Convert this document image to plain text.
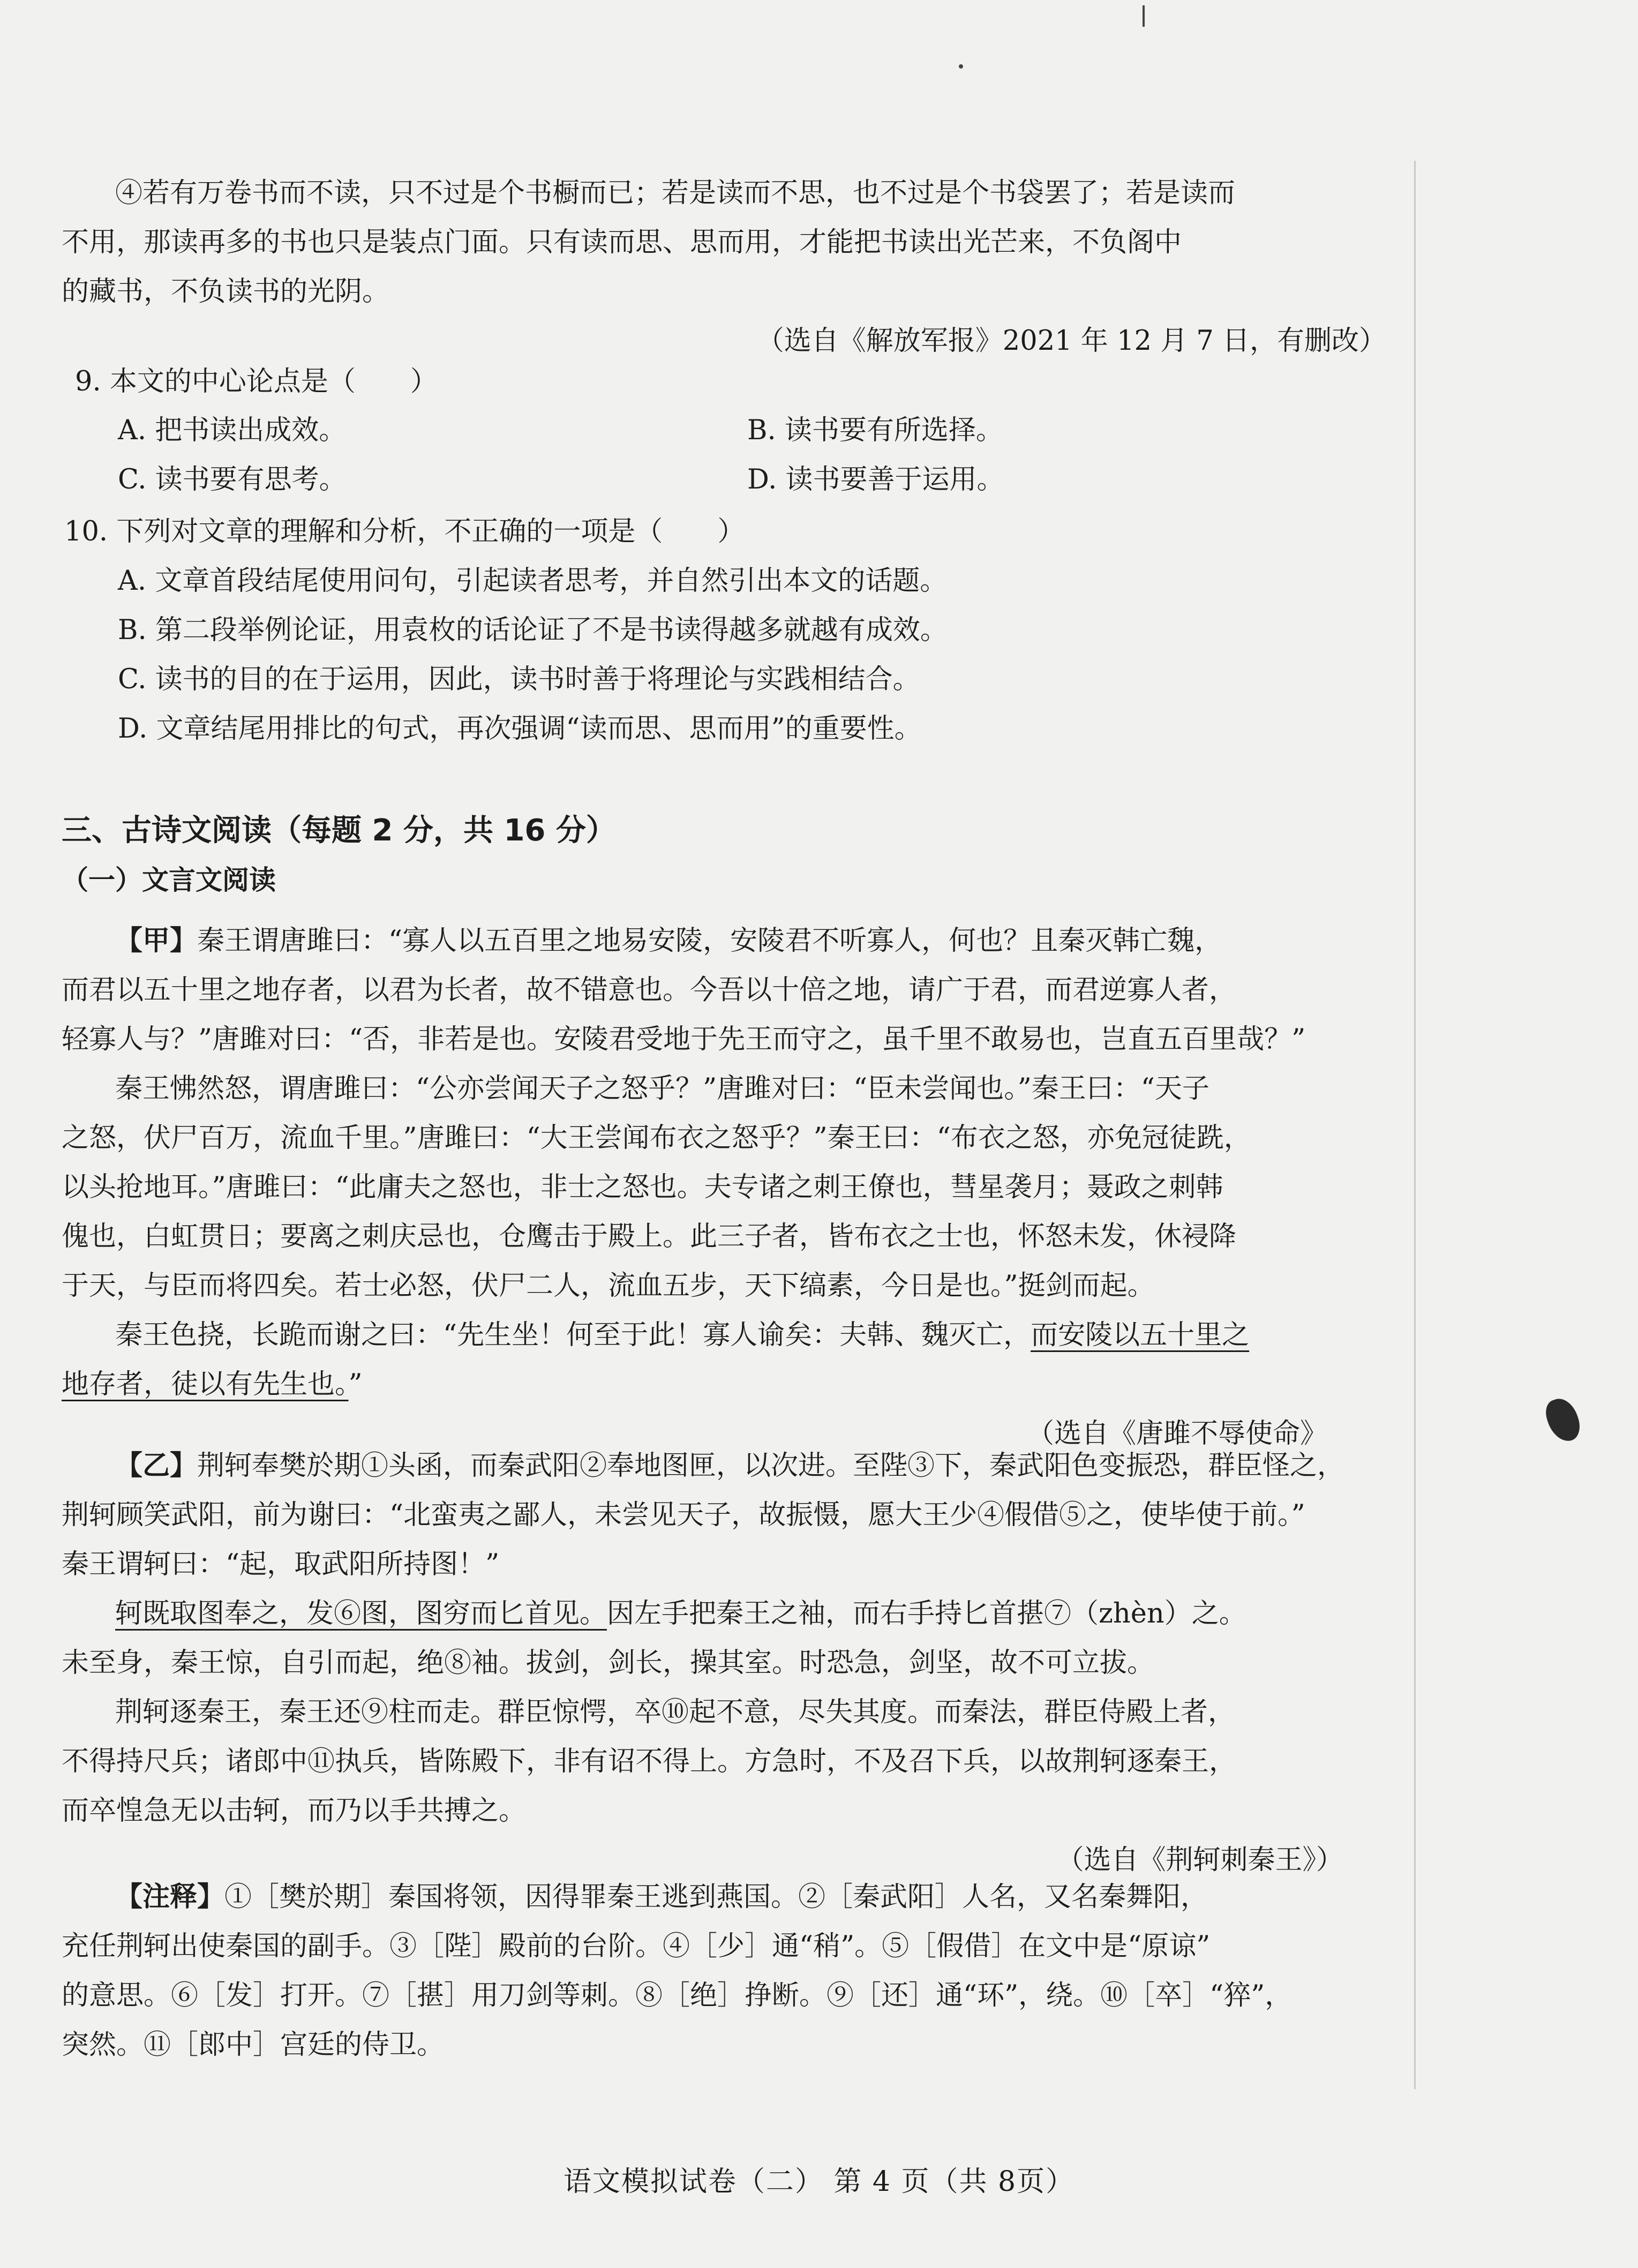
④若有万卷书而不读，只不过是个书橱而已；若是读而不思，也不过是个书袋罢了；若是读而
不用，那读再多的书也只是装点门面。只有读而思、思而用，才能把书读出光芒来，不负阁中
的藏书，不负读书的光阴。
（选自《解放军报》2021 年 12 月 7 日，有删改）
9. 本文的中心论点是（　　）
A. 把书读出成效。	B. 读书要有所选择。
C. 读书要有思考。	D. 读书要善于运用。
10. 下列对文章的理解和分析，不正确的一项是（　　）
A. 文章首段结尾使用问句，引起读者思考，并自然引出本文的话题。
B. 第二段举例论证，用袁枚的话论证了不是书读得越多就越有成效。
C. 读书的目的在于运用，因此，读书时善于将理论与实践相结合。
D. 文章结尾用排比的句式，再次强调“读而思、思而用”的重要性。
三、古诗文阅读（每题 2 分，共 16 分）
（一）文言文阅读
【甲】秦王谓唐雎曰：“寡人以五百里之地易安陵，安陵君不听寡人，何也？且秦灭韩亡魏，
而君以五十里之地存者，以君为长者，故不错意也。今吾以十倍之地，请广于君，而君逆寡人者，
轻寡人与？”唐雎对曰：“否，非若是也。安陵君受地于先王而守之，虽千里不敢易也，岂直五百里哉？”
秦王怫然怒，谓唐雎曰：“公亦尝闻天子之怒乎？”唐雎对曰：“臣未尝闻也。”秦王曰：“天子
之怒，伏尸百万，流血千里。”唐雎曰：“大王尝闻布衣之怒乎？”秦王曰：“布衣之怒，亦免冠徒跣，
以头抢地耳。”唐雎曰：“此庸夫之怒也，非士之怒也。夫专诸之刺王僚也，彗星袭月；聂政之刺韩
傀也，白虹贯日；要离之刺庆忌也，仓鹰击于殿上。此三子者，皆布衣之士也，怀怒未发，休祲降
于天，与臣而将四矣。若士必怒，伏尸二人，流血五步，天下缟素，今日是也。”挺剑而起。
秦王色挠，长跪而谢之曰：“先生坐！何至于此！寡人谕矣：夫韩、魏灭亡，而安陵以五十里之
地存者，徒以有先生也。”
（选自《唐雎不辱使命》
【乙】荆轲奉樊於期①头函，而秦武阳②奉地图匣，以次进。至陛③下，秦武阳色变振恐，群臣怪之，
荆轲顾笑武阳，前为谢曰：“北蛮夷之鄙人，未尝见天子，故振慑，愿大王少④假借⑤之，使毕使于前。”
秦王谓轲曰：“起，取武阳所持图！”
轲既取图奉之，发⑥图，图穷而匕首见。因左手把秦王之袖，而右手持匕首揕⑦（zhèn）之。
未至身，秦王惊，自引而起，绝⑧袖。拔剑，剑长，操其室。时恐急，剑坚，故不可立拔。
荆轲逐秦王，秦王还⑨柱而走。群臣惊愕，卒⑩起不意，尽失其度。而秦法，群臣侍殿上者，
不得持尺兵；诸郎中⑪执兵，皆陈殿下，非有诏不得上。方急时，不及召下兵，以故荆轲逐秦王，
而卒惶急无以击轲，而乃以手共搏之。
（选自《荆轲刺秦王》）
【注释】①［樊於期］秦国将领，因得罪秦王逃到燕国。②［秦武阳］人名，又名秦舞阳，
充任荆轲出使秦国的副手。③［陛］殿前的台阶。④［少］通“稍”。⑤［假借］在文中是“原谅”
的意思。⑥［发］打开。⑦［揕］用刀剑等刺。⑧［绝］挣断。⑨［还］通“环”，绕。⑩［卒］“猝”，
突然。⑪［郎中］宫廷的侍卫。
语文模拟试卷（二） 第 4 页（共 8页）
